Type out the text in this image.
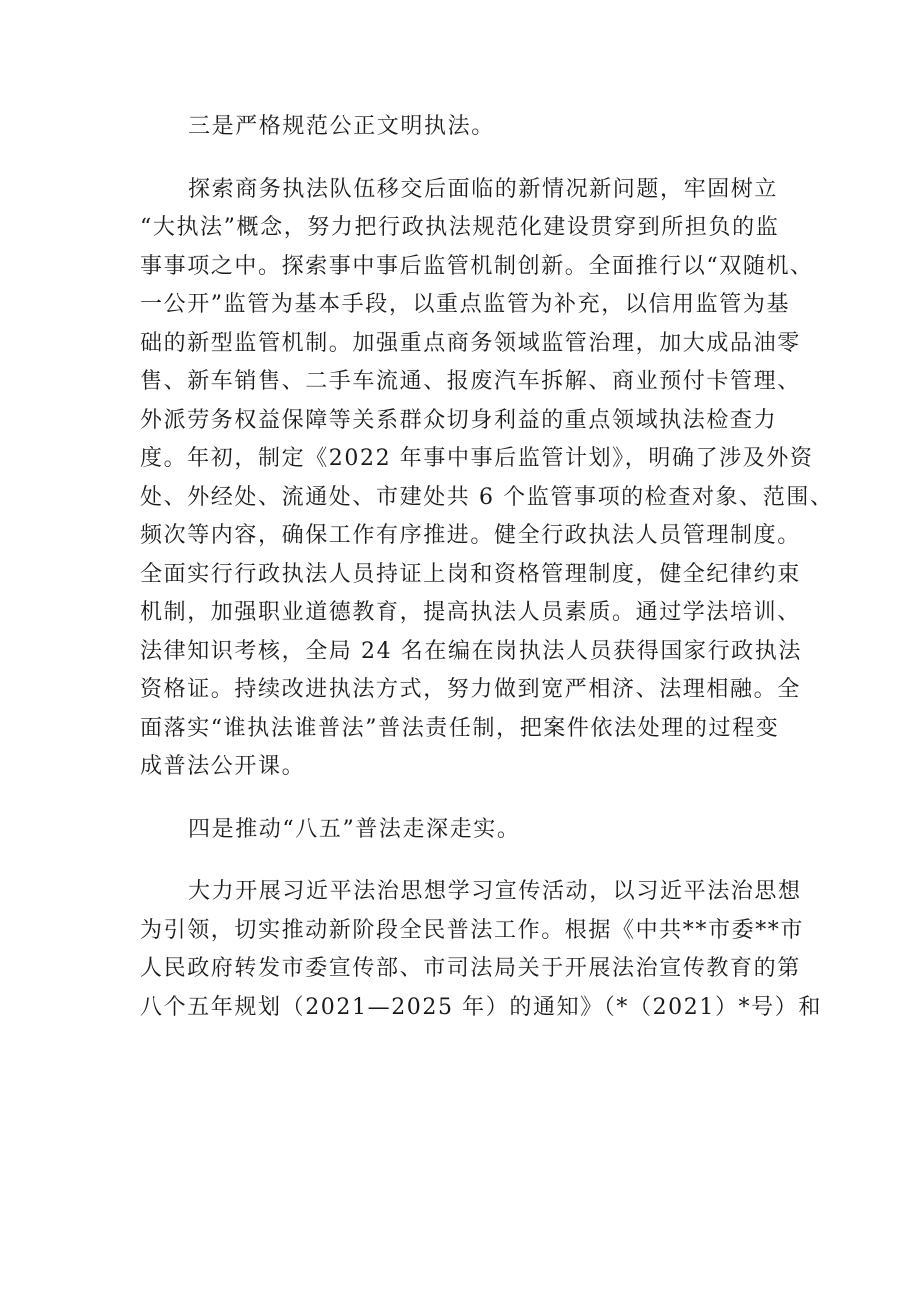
三是严格规范公正文明执法。
探索商务执法队伍移交后面临的新情况新问题，牢固树立
“大执法”概念，努力把行政执法规范化建设贯穿到所担负的监
事事项之中。探索事中事后监管机制创新。全面推行以“双随机、
一公开”监管为基本手段，以重点监管为补充，以信用监管为基
础的新型监管机制。加强重点商务领域监管治理，加大成品油零
售、新车销售、二手车流通、报废汽车拆解、商业预付卡管理、
外派劳务权益保障等关系群众切身利益的重点领域执法检查力
度。年初，制定《2022 年事中事后监管计划》，明确了涉及外资
处、外经处、流通处、市建处共 6 个监管事项的检查对象、范围、
频次等内容，确保工作有序推进。健全行政执法人员管理制度。
全面实行行政执法人员持证上岗和资格管理制度，健全纪律约束
机制，加强职业道德教育，提高执法人员素质。通过学法培训、
法律知识考核，全局 24 名在编在岗执法人员获得国家行政执法
资格证。持续改进执法方式，努力做到宽严相济、法理相融。全
面落实“谁执法谁普法”普法责任制，把案件依法处理的过程变
成普法公开课。
四是推动“八五”普法走深走实。
大力开展习近平法治思想学习宣传活动，以习近平法治思想
为引领，切实推动新阶段全民普法工作。根据《中共**市委**市
人民政府转发市委宣传部、市司法局关于开展法治宣传教育的第
八个五年规划（2021—2025 年）的通知》（*（2021）*号）和
